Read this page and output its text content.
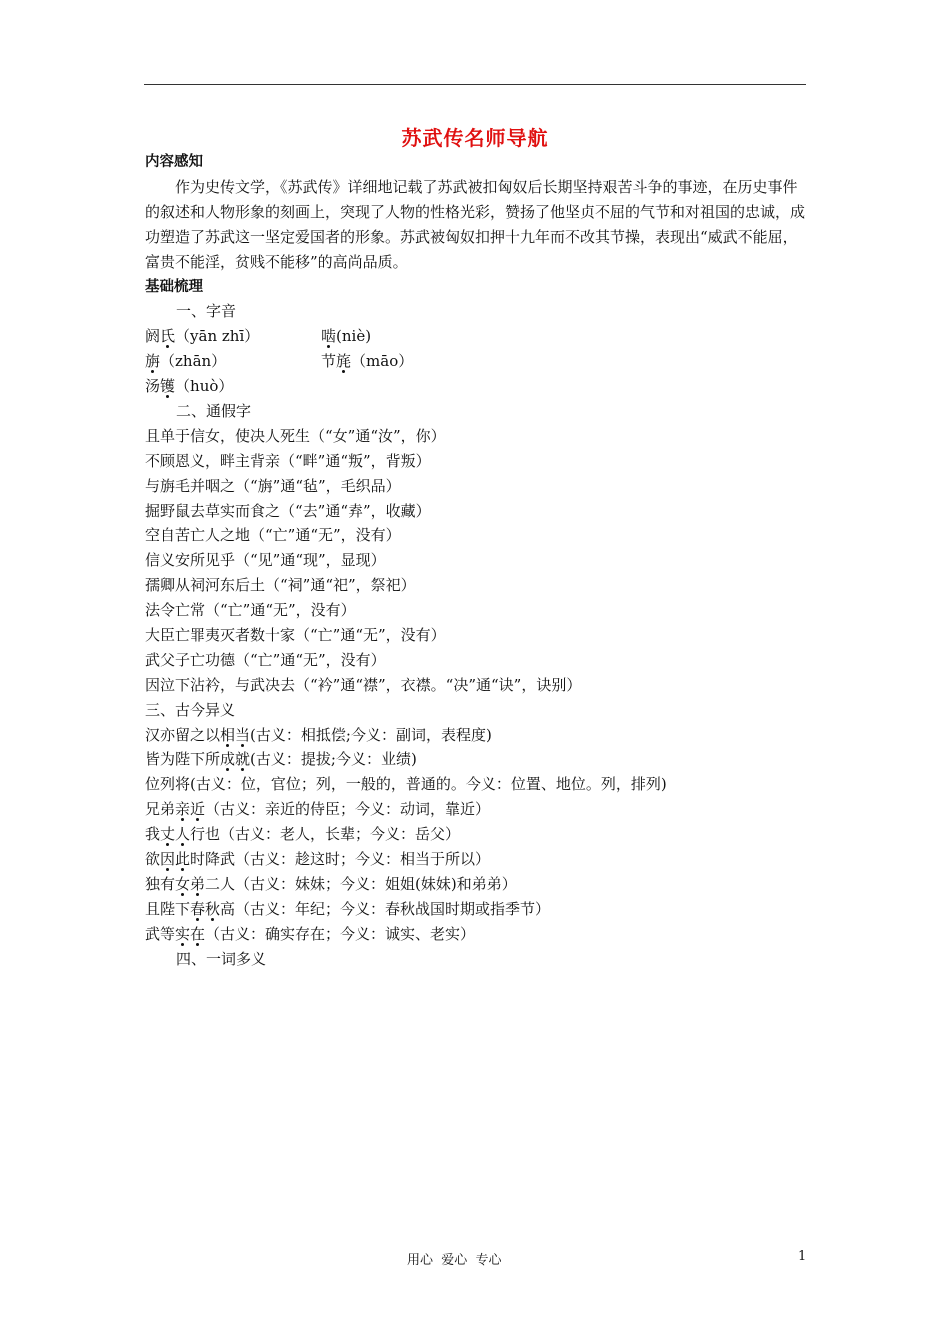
苏武传名师导航
内容感知
作为史传文学，《苏武传》详细地记载了苏武被扣匈奴后长期坚持艰苦斗争的事迹，在历史事件的叙述和人物形象的刻画上，突现了人物的性格光彩，赞扬了他坚贞不屈的气节和对祖国的忠诚，成功塑造了苏武这一坚定爱国者的形象。苏武被匈奴扣押十九年而不改其节操，表现出“威武不能屈，富贵不能淫，贫贱不能移”的高尚品质。
基础梳理
一、字音
阏氏（yān zhī）	啮(niè)
旃（zhān）	节旄（māo）
汤镬（huò）
二、通假字
且单于信女，使决人死生（“女”通“汝”，你）
不顾恩义，畔主背亲（“畔”通“叛”，背叛）
与旃毛并咽之（“旃”通“毡”，毛织品）
掘野鼠去草实而食之（“去”通“弆”，收藏）
空自苦亡人之地（“亡”通“无”，没有）
信义安所见乎（“见”通“现”，显现）
孺卿从祠河东后土（“祠”通“祀”，祭祀）
法令亡常（“亡”通“无”，没有）
大臣亡罪夷灭者数十家（“亡”通“无”，没有）
武父子亡功德（“亡”通“无”，没有）
因泣下沾衿，与武决去（“衿”通“襟”，衣襟。“决”通“诀”，诀别）
三、古今异义
汉亦留之以相当(古义：相抵偿;今义：副词，表程度)
皆为陛下所成就(古义：提拔;今义：业绩)
位列将(古义：位，官位；列，一般的，普通的。今义：位置、地位。列，排列)
兄弟亲近（古义：亲近的侍臣；今义：动词，靠近）
我丈人行也（古义：老人，长辈；今义：岳父）
欲因此时降武（古义：趁这时；今义：相当于所以）
独有女弟二人（古义：妹妹；今义：姐姐(妹妹)和弟弟）
且陛下春秋高（古义：年纪；今义：春秋战国时期或指季节）
武等实在（古义：确实存在；今义：诚实、老实）
四、一词多义
用心  爱心  专心	1
